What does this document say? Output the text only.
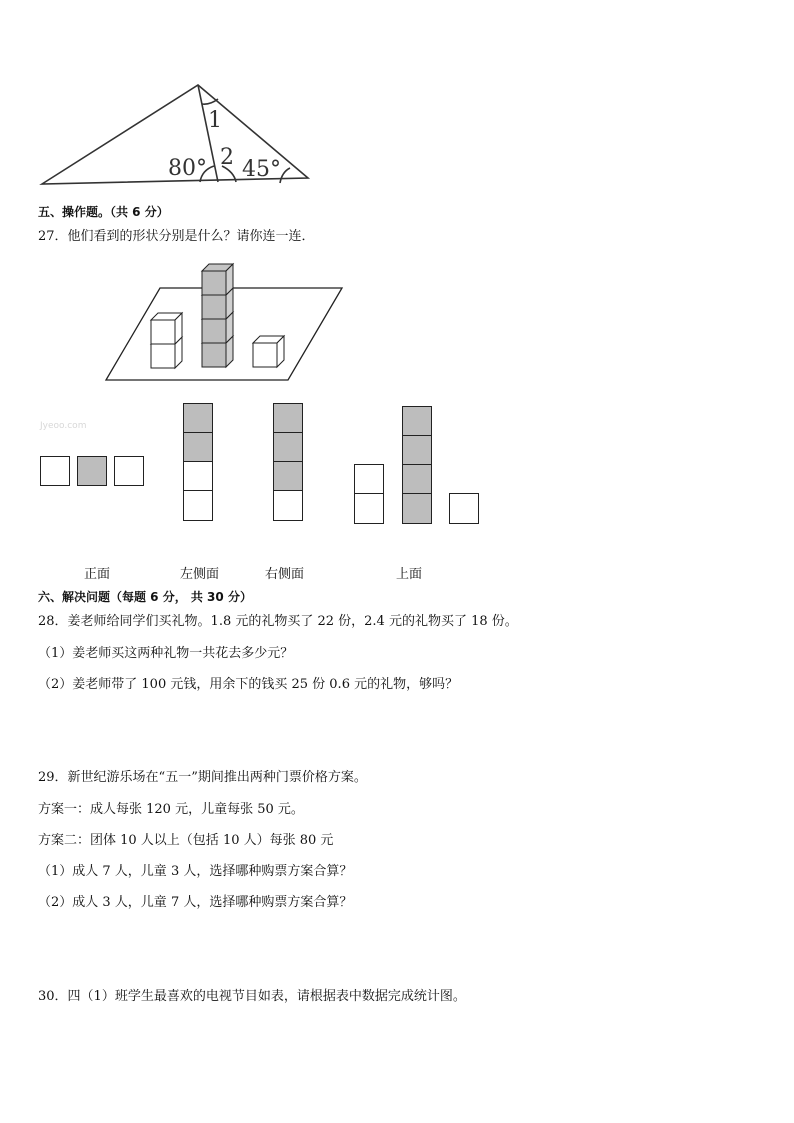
1
80° 2 45°
五、操作题。（共 6 分）
27．他们看到的形状分别是什么？请你连一连．
Jyeoo.com
正面	左侧面	右侧面	上面
六、解决问题（每题 6 分， 共 30 分）
28．姜老师给同学们买礼物。1.8 元的礼物买了 22 份，2.4 元的礼物买了 18 份。
（1）姜老师买这两种礼物一共花去多少元？
（2）姜老师带了 100 元钱，用余下的钱买 25 份 0.6 元的礼物，够吗？
29．新世纪游乐场在“五一”期间推出两种门票价格方案。
方案一：成人每张 120 元，儿童每张 50 元。
方案二：团体 10 人以上（包括 10 人）每张 80 元
（1）成人 7 人，儿童 3 人，选择哪种购票方案合算？
（2）成人 3 人，儿童 7 人，选择哪种购票方案合算？
30．四（1）班学生最喜欢的电视节目如表，请根据表中数据完成统计图。
